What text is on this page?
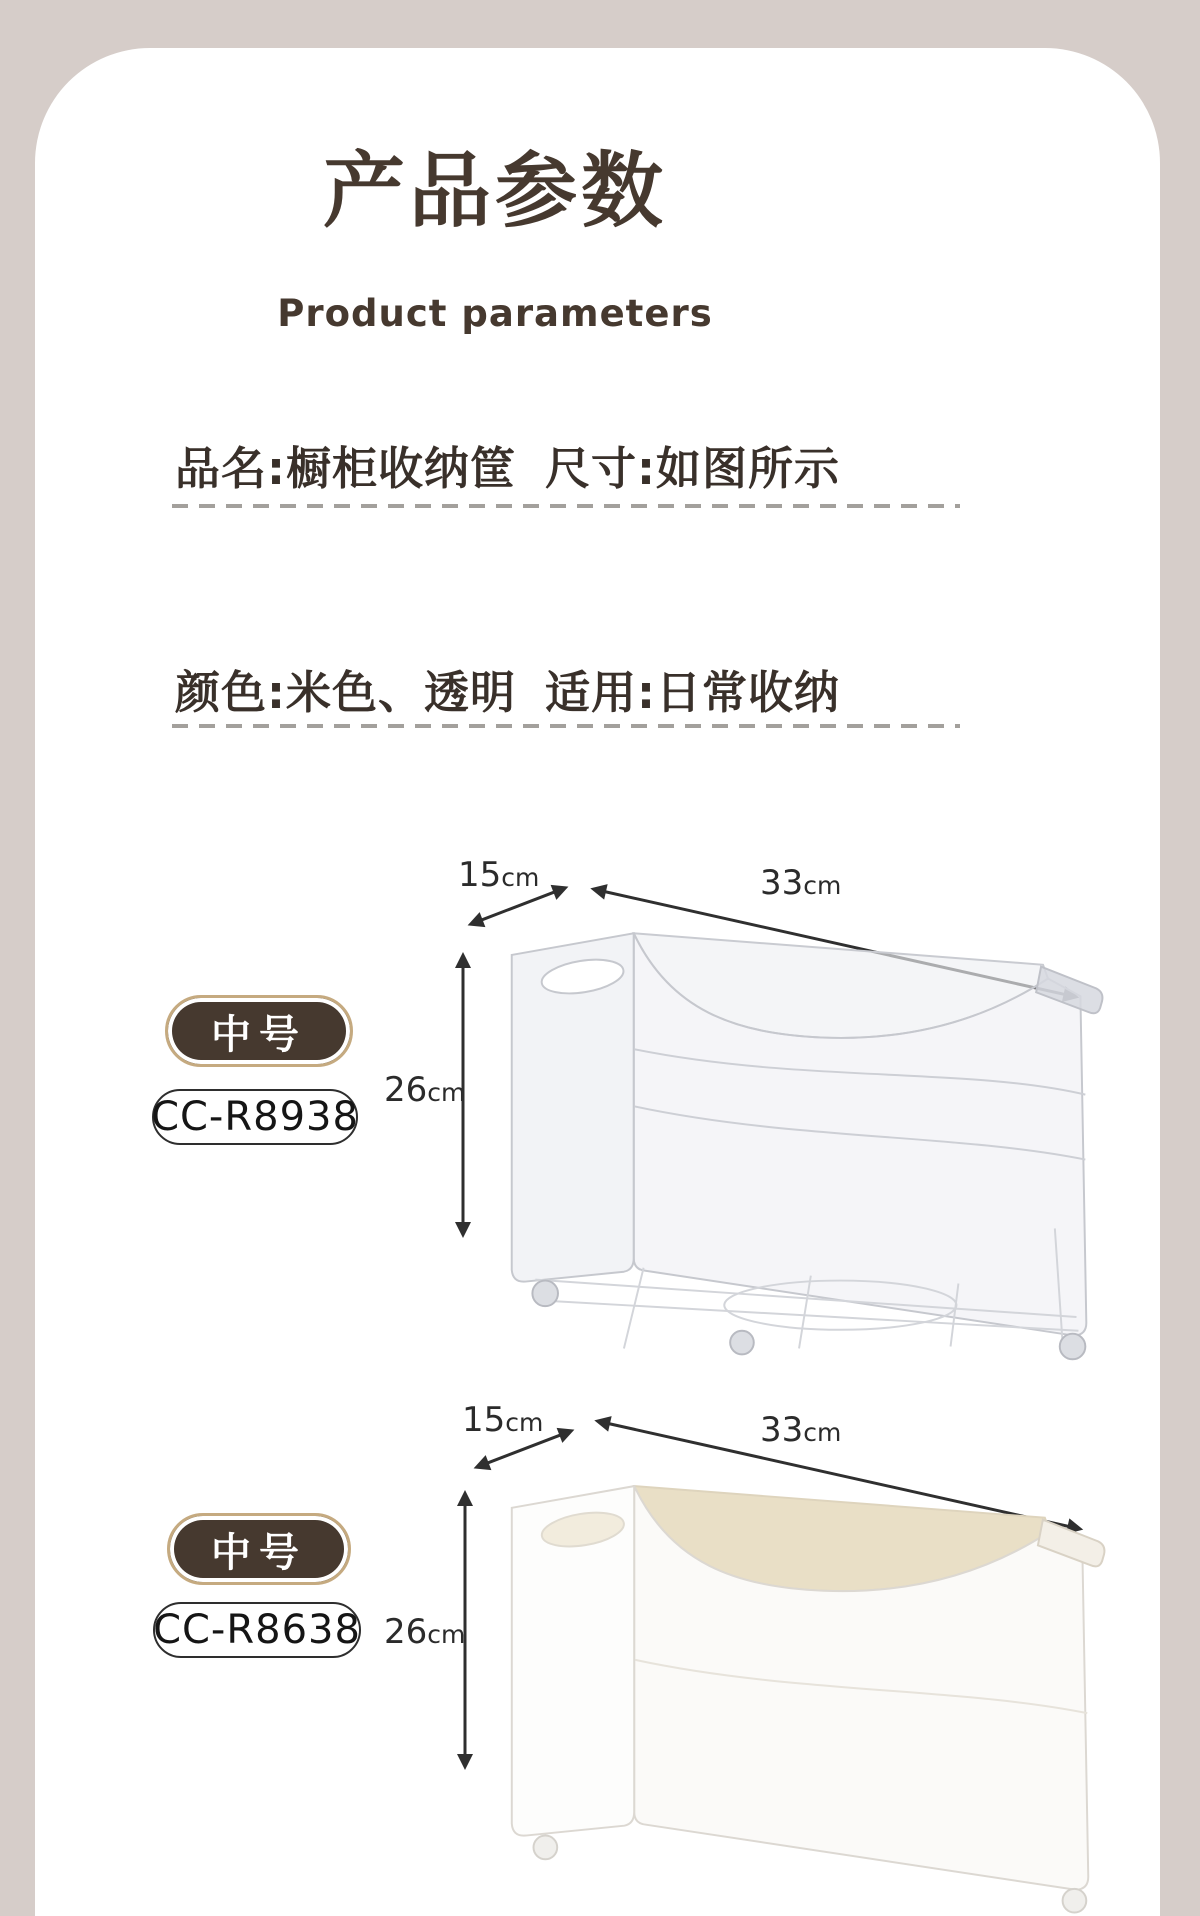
产品参数
Product parameters
品名:橱柜收纳筐 尺寸:如图所示
颜色:米色、透明 适用:日常收纳
中号
CC-R8938
15cm	33cm
26cm
中号
CC-R8638
15cm	33cm
26cm
